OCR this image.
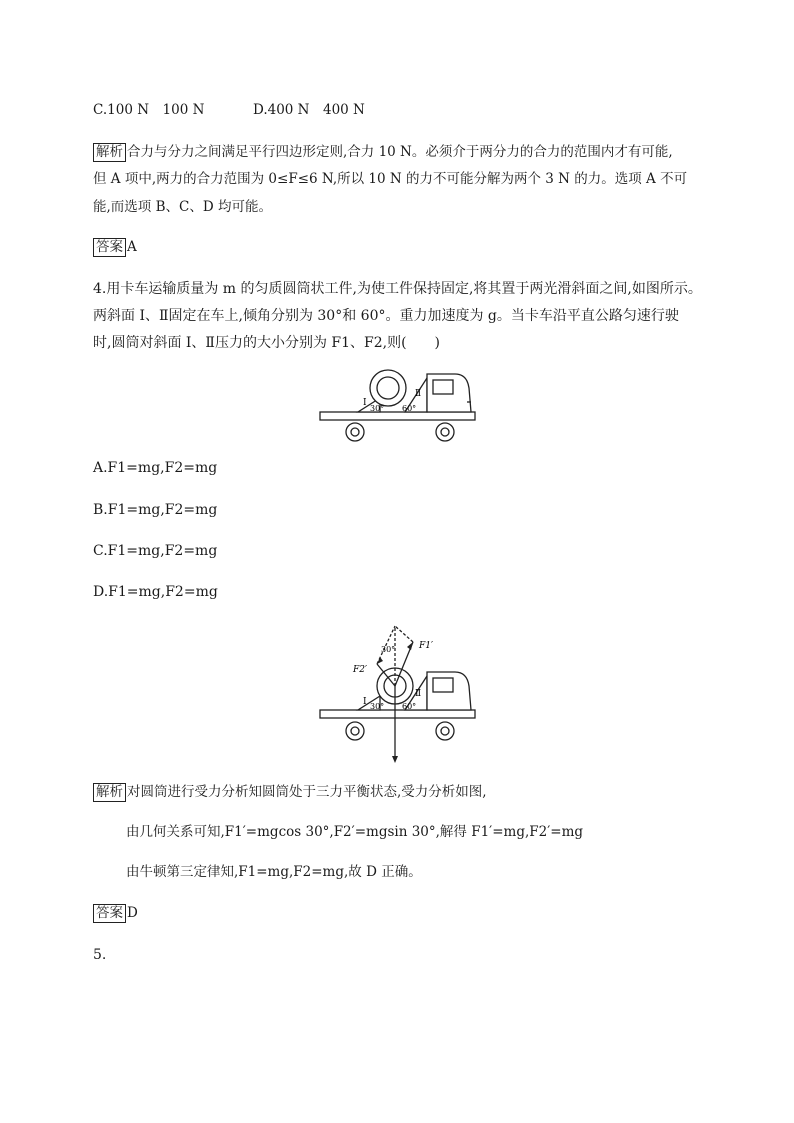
C.100 N　100 N	D.400 N　400 N
解析 合力与分力之间满足平行四边形定则,合力 10 N。必须介于两分力的合力的范围内才有可能,
但 A 项中,两力的合力范围为 0≤F≤6 N,所以 10 N 的力不可能分解为两个 3 N 的力。选项 A 不可
能,而选项 B、C、D 均可能。
答案 A
4.用卡车运输质量为 m 的匀质圆筒状工件,为使工件保持固定,将其置于两光滑斜面之间,如图所示。
两斜面 Ⅰ、Ⅱ固定在车上,倾角分别为 30°和 60°。重力加速度为 g。当卡车沿平直公路匀速行驶
时,圆筒对斜面 Ⅰ、Ⅱ压力的大小分别为 F1、F2,则(　　)
Ⅰ
Ⅱ
30° 60°
A.F1=mg,F2=mg
B.F1=mg,F2=mg
C.F1=mg,F2=mg
D.F1=mg,F2=mg
F1′
F2′
30°
Ⅰ
Ⅱ
30° 60°
解析 对圆筒进行受力分析知圆筒处于三力平衡状态,受力分析如图,
由几何关系可知,F1′=mgcos 30°,F2′=mgsin 30°,解得 F1′=mg,F2′=mg
由牛顿第三定律知,F1=mg,F2=mg,故 D 正确。
答案 D
5.
